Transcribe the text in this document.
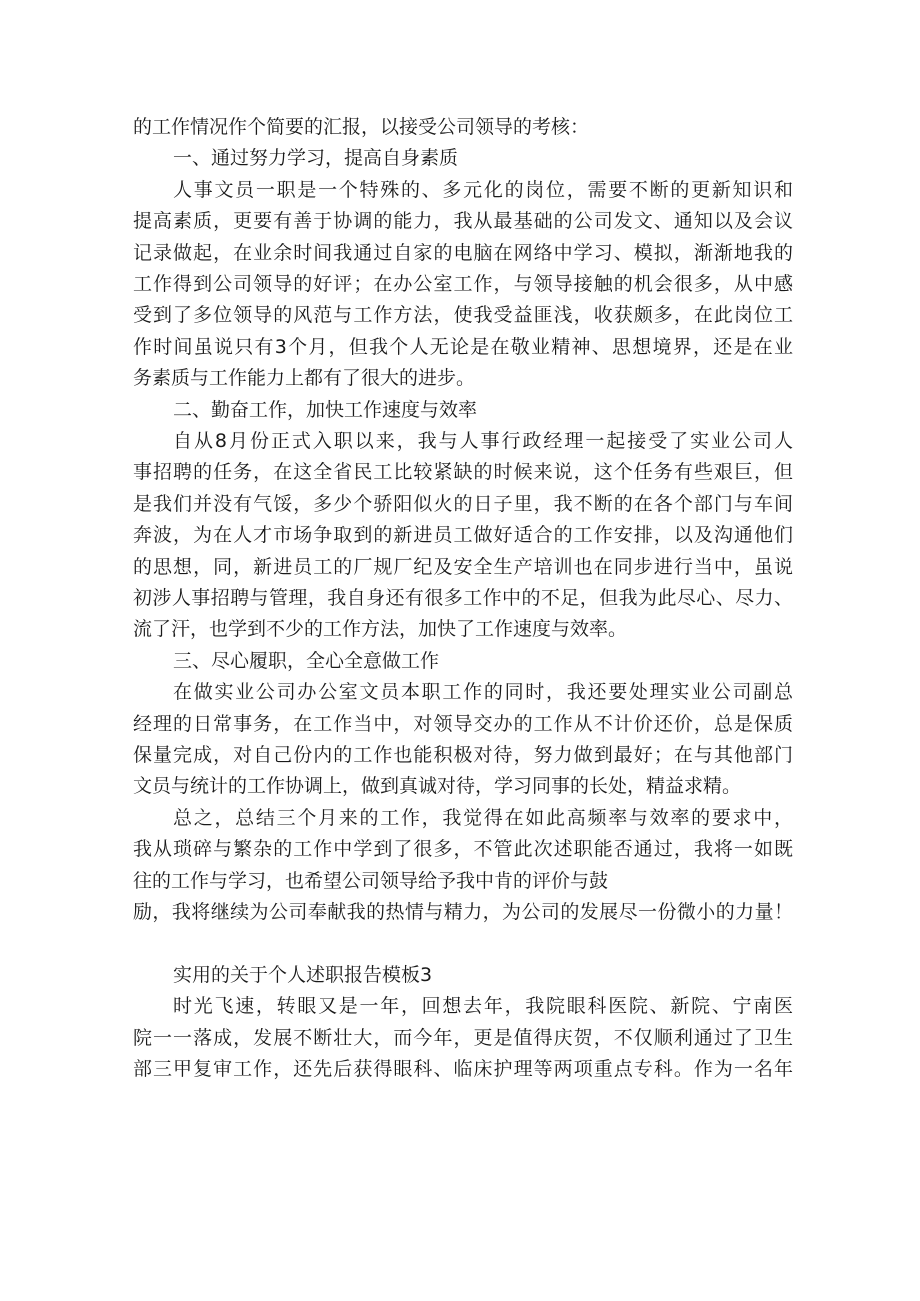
的工作情况作个简要的汇报，以接受公司领导的考核：
一、通过努力学习，提高自身素质
人事文员一职是一个特殊的、多元化的岗位，需要不断的更新知识和
提高素质，更要有善于协调的能力，我从最基础的公司发文、通知以及会议
记录做起，在业余时间我通过自家的电脑在网络中学习、模拟，渐渐地我的
工作得到公司领导的好评；在办公室工作，与领导接触的机会很多，从中感
受到了多位领导的风范与工作方法，使我受益匪浅，收获颇多，在此岗位工
作时间虽说只有3个月，但我个人无论是在敬业精神、思想境界，还是在业
务素质与工作能力上都有了很大的进步。
二、勤奋工作，加快工作速度与效率
自从8月份正式入职以来，我与人事行政经理一起接受了实业公司人
事招聘的任务，在这全省民工比较紧缺的时候来说，这个任务有些艰巨，但
是我们并没有气馁，多少个骄阳似火的日子里，我不断的在各个部门与车间
奔波，为在人才市场争取到的新进员工做好适合的工作安排，以及沟通他们
的思想，同，新进员工的厂规厂纪及安全生产培训也在同步进行当中，虽说
初涉人事招聘与管理，我自身还有很多工作中的不足，但我为此尽心、尽力、
流了汗，也学到不少的工作方法，加快了工作速度与效率。
三、尽心履职，全心全意做工作
在做实业公司办公室文员本职工作的同时，我还要处理实业公司副总
经理的日常事务，在工作当中，对领导交办的工作从不计价还价，总是保质
保量完成，对自己份内的工作也能积极对待，努力做到最好；在与其他部门
文员与统计的工作协调上，做到真诚对待，学习同事的长处，精益求精。
总之，总结三个月来的工作，我觉得在如此高频率与效率的要求中，
我从琐碎与繁杂的工作中学到了很多，不管此次述职能否通过，我将一如既
往的工作与学习，也希望公司领导给予我中肯的评价与鼓
励，我将继续为公司奉献我的热情与精力，为公司的发展尽一份微小的力量！
实用的关于个人述职报告模板3
时光飞速，转眼又是一年，回想去年，我院眼科医院、新院、宁南医
院一一落成，发展不断壮大，而今年，更是值得庆贺，不仅顺利通过了卫生
部三甲复审工作，还先后获得眼科、临床护理等两项重点专科。作为一名年
